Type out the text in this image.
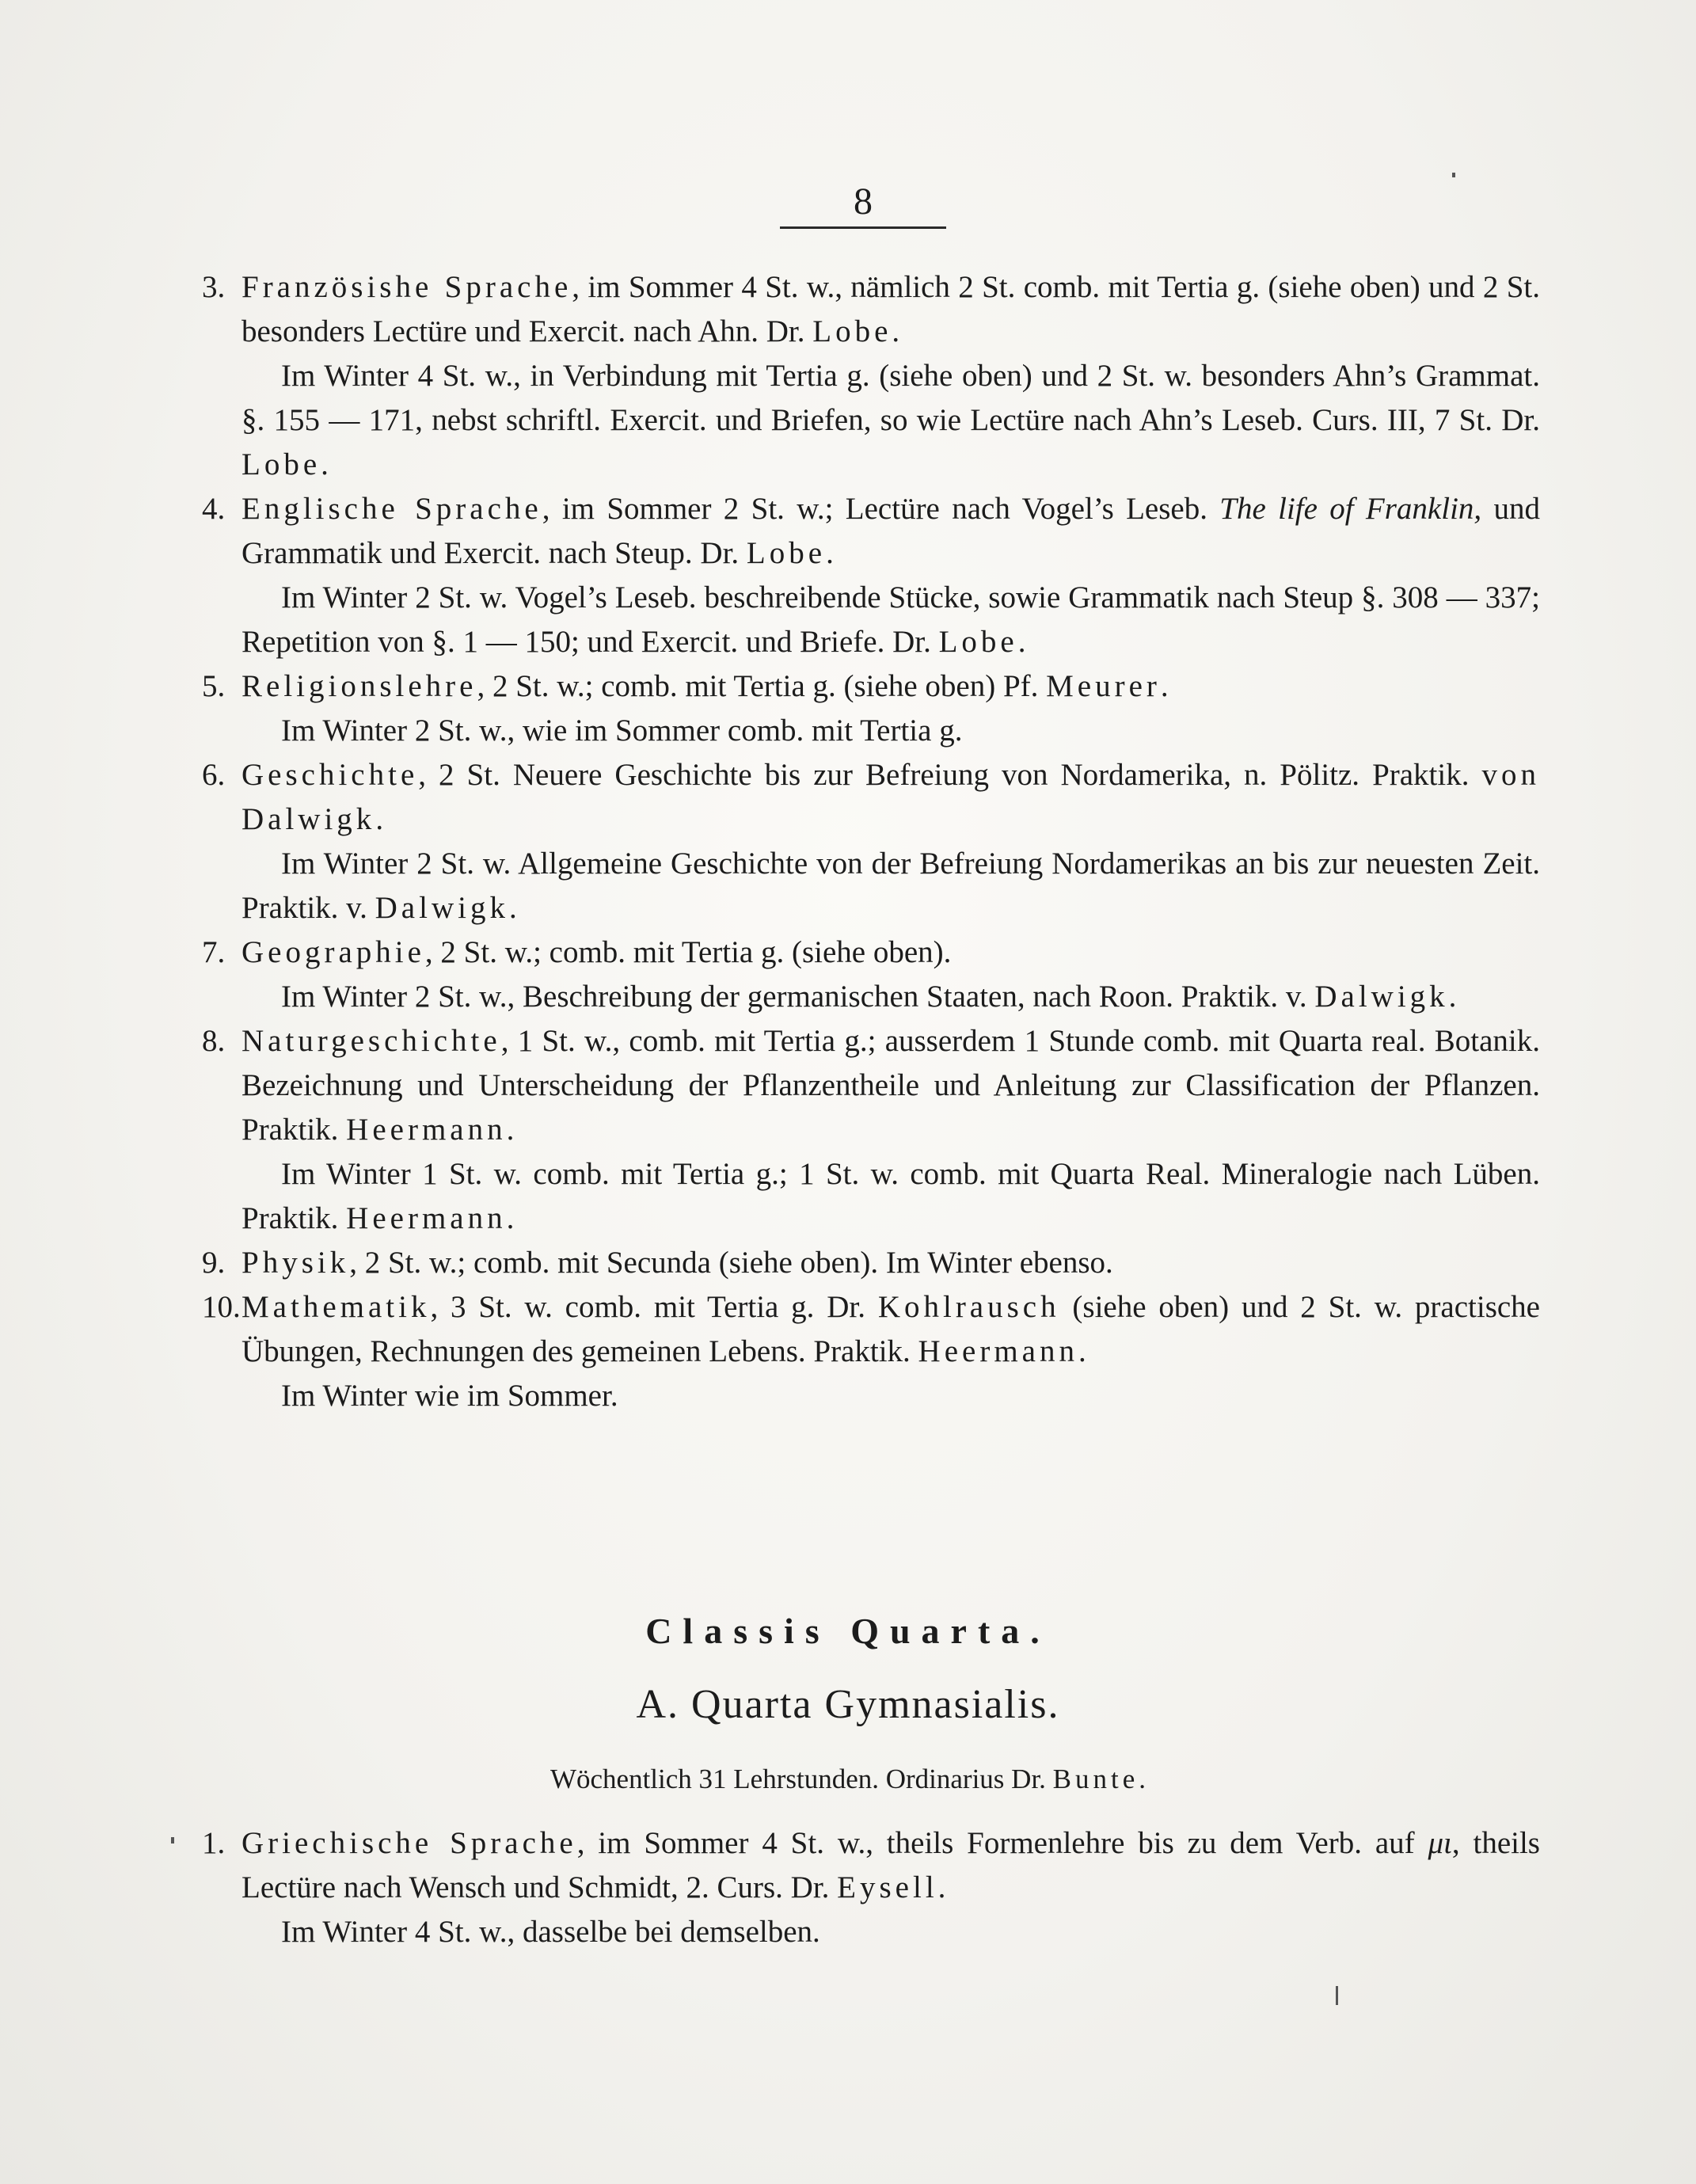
8
3. Französishe Sprache, im Sommer 4 St. w., nämlich 2 St. comb. mit Tertia g. (siehe oben) und 2 St. besonders Lectüre und Exercit. nach Ahn. Dr. Lobe.
Im Winter 4 St. w., in Verbindung mit Tertia g. (siehe oben) und 2 St. w. besonders Ahn’s Grammat. §. 155 — 171, nebst schriftl. Exercit. und Briefen, so wie Lectüre nach Ahn’s Leseb. Curs. III, 7 St. Dr. Lobe.
4. Englische Sprache, im Sommer 2 St. w.; Lectüre nach Vogel’s Leseb. The life of Franklin, und Grammatik und Exercit. nach Steup. Dr. Lobe.
Im Winter 2 St. w. Vogel’s Leseb. beschreibende Stücke, sowie Grammatik nach Steup §. 308 — 337; Repetition von §. 1 — 150; und Exercit. und Briefe. Dr. Lobe.
5. Religionslehre, 2 St. w.; comb. mit Tertia g. (siehe oben) Pf. Meurer.
Im Winter 2 St. w., wie im Sommer comb. mit Tertia g.
6. Geschichte, 2 St. Neuere Geschichte bis zur Befreiung von Nordamerika, n. Pölitz. Praktik. von Dalwigk.
Im Winter 2 St. w. Allgemeine Geschichte von der Befreiung Nordamerikas an bis zur neuesten Zeit. Praktik. v. Dalwigk.
7. Geographie, 2 St. w.; comb. mit Tertia g. (siehe oben).
Im Winter 2 St. w., Beschreibung der germanischen Staaten, nach Roon. Praktik. v. Dalwigk.
8. Naturgeschichte, 1 St. w., comb. mit Tertia g.; ausserdem 1 Stunde comb. mit Quarta real. Botanik. Bezeichnung und Unterscheidung der Pflanzentheile und Anleitung zur Classification der Pflanzen. Praktik. Heermann.
Im Winter 1 St. w. comb. mit Tertia g.; 1 St. w. comb. mit Quarta Real. Mineralogie nach Lüben. Praktik. Heermann.
9. Physik, 2 St. w.; comb. mit Secunda (siehe oben). Im Winter ebenso.
10.Mathematik, 3 St. w. comb. mit Tertia g. Dr. Kohlrausch (siehe oben) und 2 St. w. practische Übungen, Rechnungen des gemeinen Lebens. Praktik. Heermann.
Im Winter wie im Sommer.
Classis Quarta.
A. Quarta Gymnasialis.
Wöchentlich 31 Lehrstunden. Ordinarius Dr. Bunte.
1. Griechische Sprache, im Sommer 4 St. w., theils Formenlehre bis zu dem Verb. auf μι, theils Lectüre nach Wensch und Schmidt, 2. Curs. Dr. Eysell.
Im Winter 4 St. w., dasselbe bei demselben.
